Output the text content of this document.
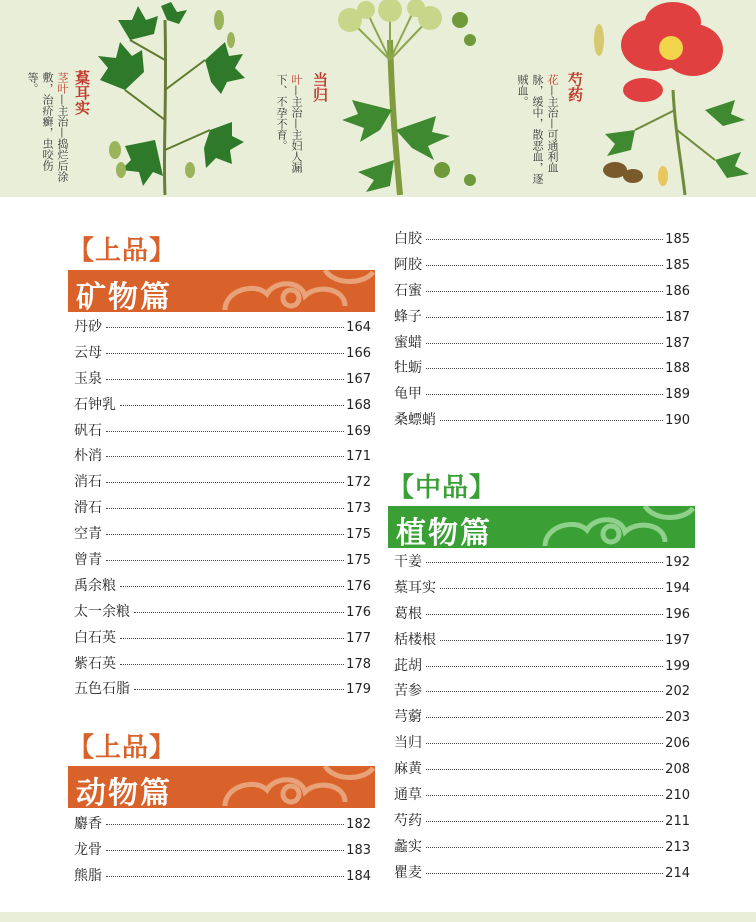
葈耳实
茎叶—主治—捣烂后涂敷，治疥癣，虫咬伤等。	当归
叶—主治—主妇人漏下、不孕不育。	芍药
花—主治—可通利血脉，缓中，散恶血，逐贼血。
【上品】
矿物篇
丹砂	164
云母	166
玉泉	167
石钟乳	168
矾石	169
朴消	171
消石	172
滑石	173
空青	175
曾青	175
禹余粮	176
太一余粮	176
白石英	177
紫石英	178
五色石脂	179
【上品】
动物篇
麝香	182
龙骨	183
熊脂	184
白胶	185
阿胶	185
石蜜	186
蜂子	187
蜜蜡	187
牡蛎	188
龟甲	189
桑螵蛸	190
【中品】
植物篇
干姜	192
葈耳实	194
葛根	196
栝楼根	197
茈胡	199
苦参	202
芎藭	203
当归	206
麻黄	208
通草	210
芍药	211
蠡实	213
瞿麦	214
